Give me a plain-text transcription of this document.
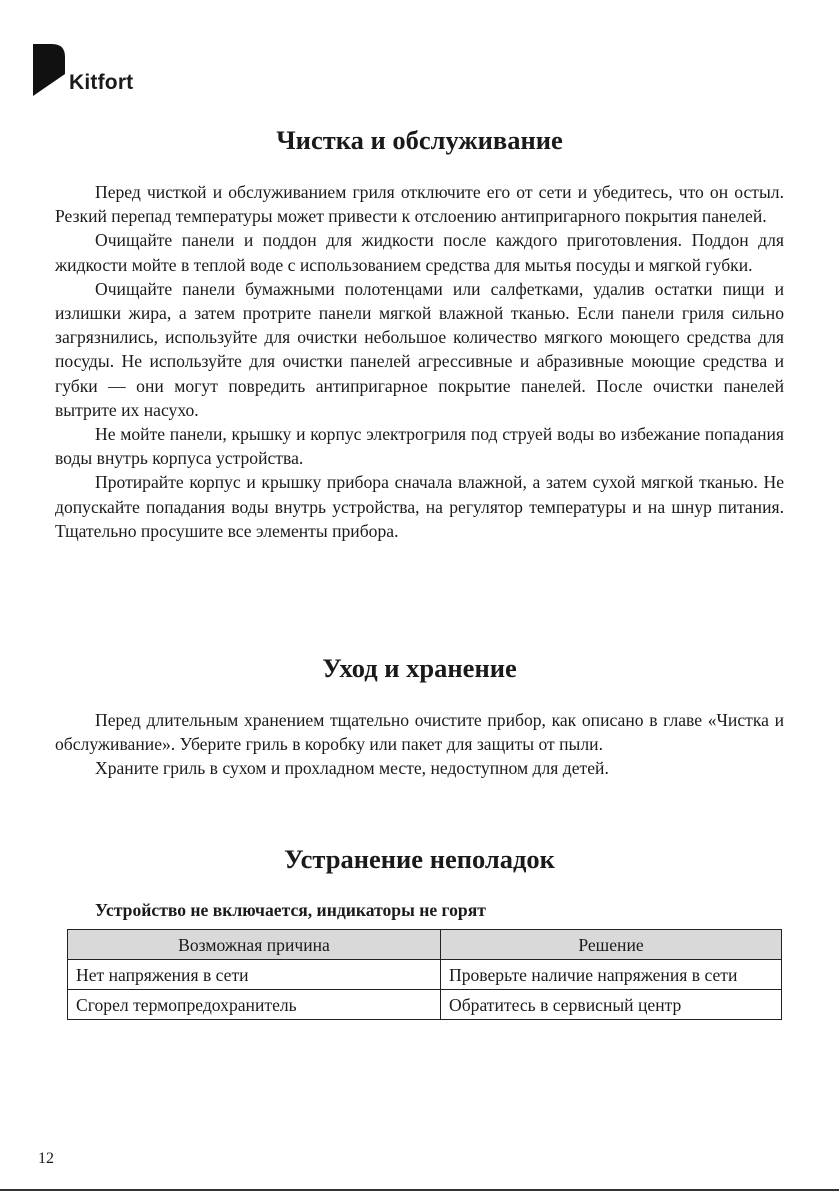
Kitfort
Чистка и обслуживание

Перед чисткой и обслуживанием гриля отключите его от сети и убедитесь, что он остыл. Резкий перепад температуры может привести к отслоению антипригарного покрытия панелей.

Очищайте панели и поддон для жидкости после каждого приготовления. Поддон для жидкости мойте в теплой воде с использованием средства для мытья посуды и мягкой губки.

Очищайте панели бумажными полотенцами или салфетками, удалив остатки пищи и излишки жира, а затем протрите панели мягкой влажной тканью. Если панели гриля сильно загрязнились, используйте для очистки небольшое количество мягкого моющего средства для посуды. Не используйте для очистки панелей агрессивные и абразивные моющие средства и губки — они могут повредить антипригарное покрытие панелей. После очистки панелей вытрите их насухо.

Не мойте панели, крышку и корпус электрогриля под струей воды во избежание попадания воды внутрь корпуса устройства.

Протирайте корпус и крышку прибора сначала влажной, а затем сухой мягкой тканью. Не допускайте попадания воды внутрь устройства, на регулятор температуры и на шнур питания. Тщательно просушите все элементы прибора.

Уход и хранение

Перед длительным хранением тщательно очистите прибор, как описано в главе «Чистка и обслуживание». Уберите гриль в коробку или пакет для защиты от пыли.

Храните гриль в сухом и прохладном месте, недоступном для детей.

Устранение неполадок

Устройство не включается, индикаторы не горят

Возможная причина	Решение
Нет напряжения в сети	Проверьте наличие напряжения в сети
Сгорел термопредохранитель	Обратитесь в сервисный центр
12
